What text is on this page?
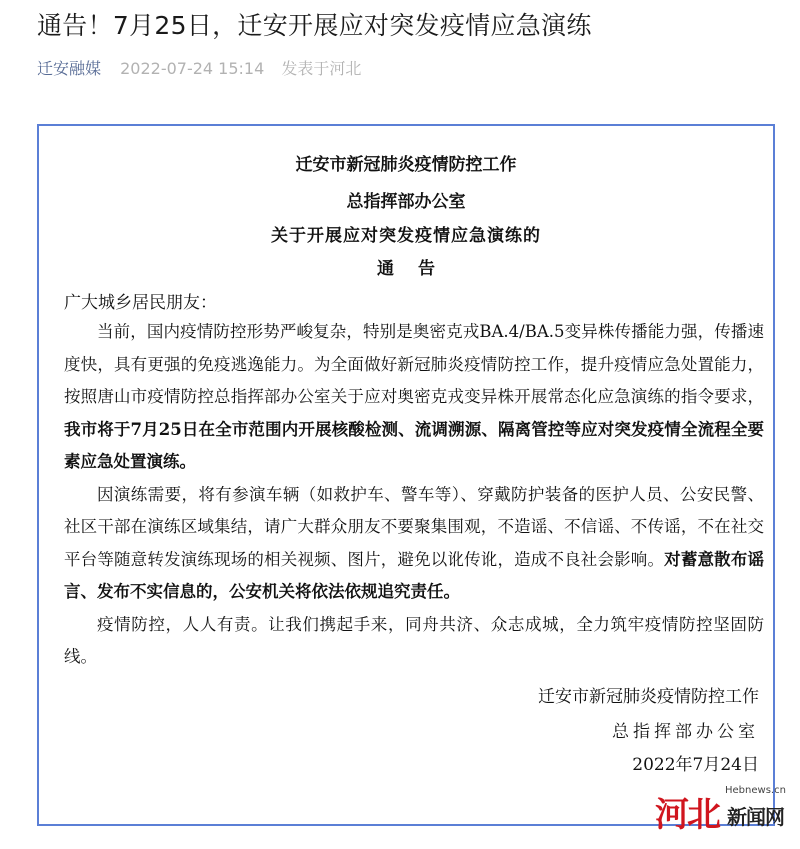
通告！7月25日，迁安开展应对突发疫情应急演练
迁安融媒 2022-07-24 15:14 发表于河北
迁安市新冠肺炎疫情防控工作
总指挥部办公室
关于开展应对突发疫情应急演练的
通告
广大城乡居民朋友：

当前，国内疫情防控形势严峻复杂，特别是奥密克戎BA.4/BA.5变异株传播能力强，传播速度快，具有更强的免疫逃逸能力。为全面做好新冠肺炎疫情防控工作，提升疫情应急处置能力，按照唐山市疫情防控总指挥部办公室关于应对奥密克戎变异株开展常态化应急演练的指令要求，我市将于7月25日在全市范围内开展核酸检测、流调溯源、隔离管控等应对突发疫情全流程全要素应急处置演练。

因演练需要，将有参演车辆（如救护车、警车等）、穿戴防护装备的医护人员、公安民警、社区干部在演练区域集结，请广大群众朋友不要聚集围观，不造谣、不信谣、不传谣，不在社交平台等随意转发演练现场的相关视频、图片，避免以讹传讹，造成不良社会影响。对蓄意散布谣言、发布不实信息的，公安机关将依法依规追究责任。

疫情防控，人人有责。让我们携起手来，同舟共济、众志成城，全力筑牢疫情防控坚固防线。

迁安市新冠肺炎疫情防控工作
总指挥部办公室
2022年7月24日
河北
Hebnews.cn
新闻网
